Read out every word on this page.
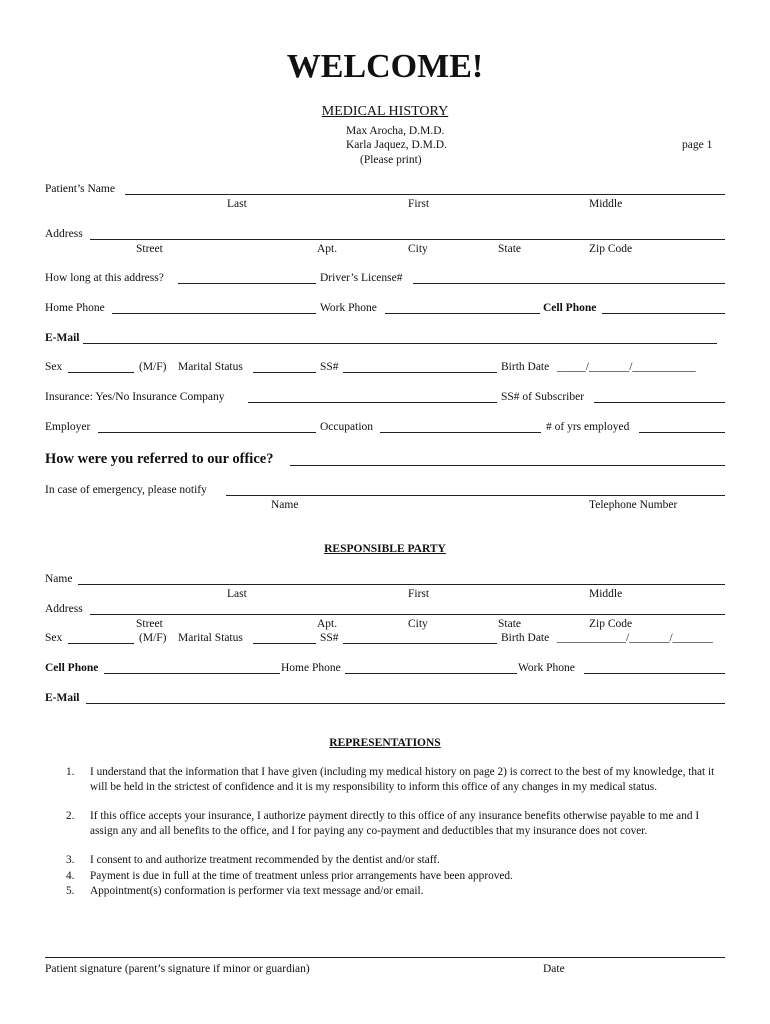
WELCOME!
MEDICAL HISTORY
Max Arocha, D.M.D.
Karla Jaquez, D.M.D.
(Please print)
page 1
Patient’s Name
Last	First	Middle
Address
Street	Apt.	City	State	Zip Code
How long at this address?	Driver’s License#
Home Phone	Work Phone	Cell Phone
E-Mail
Sex	(M/F) Marital Status	SS#	Birth Date _____/_______/___________
Insurance: Yes/No Insurance Company	SS# of Subscriber
Employer	Occupation	# of yrs employed
How were you referred to our office?
In case of emergency, please notify
Name	Telephone Number
RESPONSIBLE PARTY
Name
Last	First	Middle
Address
Street	Apt.	City	State	Zip Code
Sex	(M/F) Marital Status	SS#	Birth Date ____________/_______/_______
Cell Phone	Home Phone	Work Phone
E-Mail
REPRESENTATIONS
1. I understand that the information that I have given (including my medical history on page 2) is correct to the best of my knowledge, that it will be held in the strictest of confidence and it is my responsibility to inform this office of any changes in my medical status.
2. If this office accepts your insurance, I authorize payment directly to this office of any insurance benefits otherwise payable to me and I assign any and all benefits to the office, and I for paying any co-payment and deductibles that my insurance does not cover.
3. I consent to and authorize treatment recommended by the dentist and/or staff.
4. Payment is due in full at the time of treatment unless prior arrangements have been approved.
5. Appointment(s) conformation is performer via text message and/or email.
Patient signature (parent’s signature if minor or guardian)	Date
